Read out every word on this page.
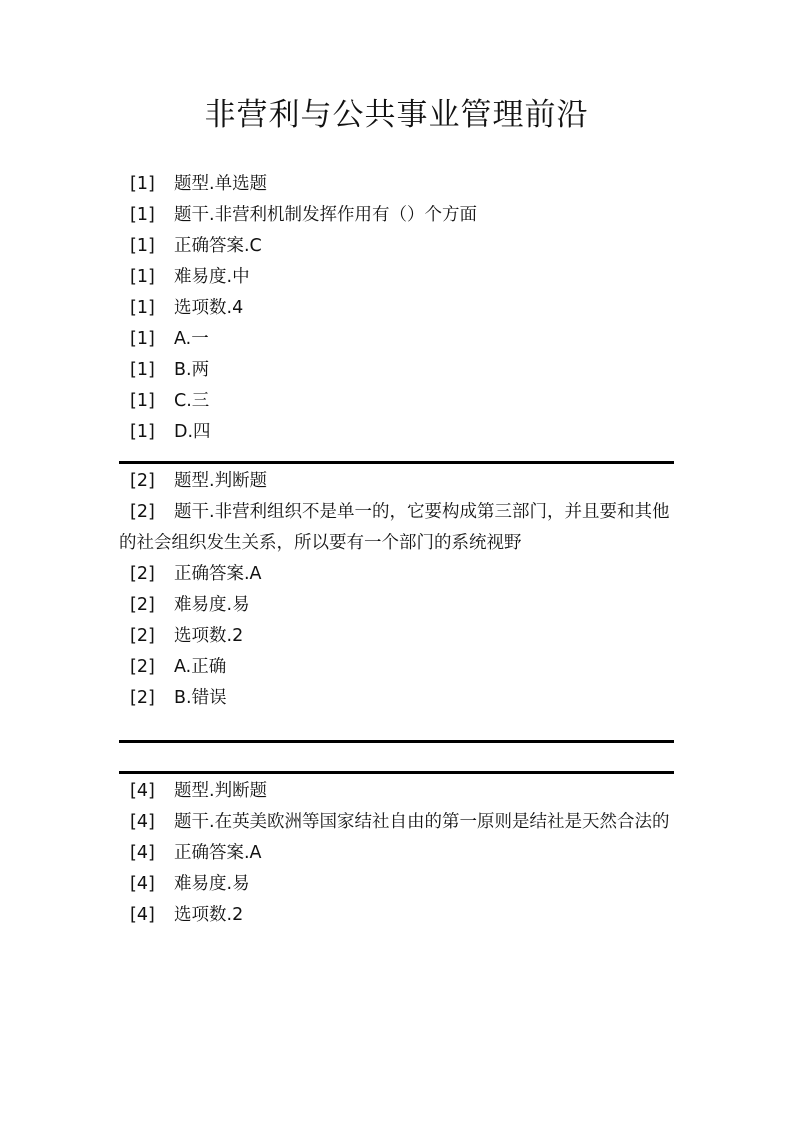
非营利与公共事业管理前沿
[1] 题型.单选题
[1] 题干.非营利机制发挥作用有（）个方面
[1] 正确答案.C
[1] 难易度.中
[1] 选项数.4
[1] A.一
[1] B.两
[1] C.三
[1] D.四
[2] 题型.判断题
[2] 题干.非营利组织不是单一的，它要构成第三部门，并且要和其他的社会组织发生关系，所以要有一个部门的系统视野
[2] 正确答案.A
[2] 难易度.易
[2] 选项数.2
[2] A.正确
[2] B.错误
[4] 题型.判断题
[4] 题干.在英美欧洲等国家结社自由的第一原则是结社是天然合法的
[4] 正确答案.A
[4] 难易度.易
[4] 选项数.2
